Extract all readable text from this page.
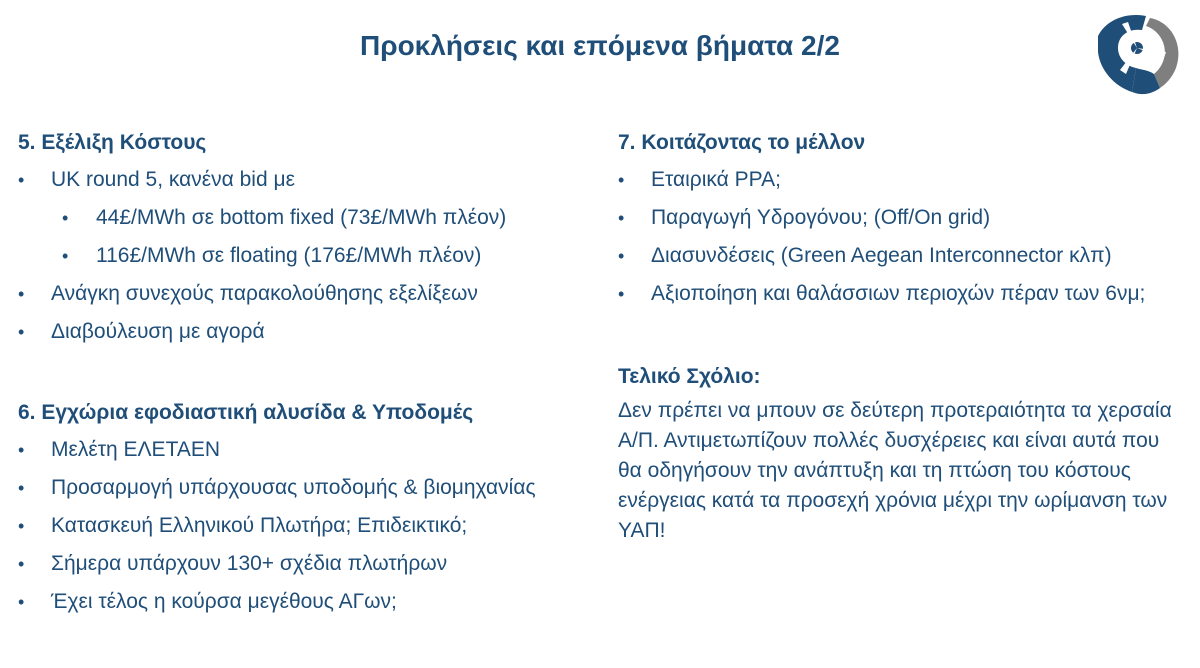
Προκλήσεις και επόμενα βήματα 2/2
5. Εξέλιξη Κόστους
•	UK round 5, κανένα bid με
•	44£/MWh σε bottom fixed (73£/MWh πλέον)
•	116£/MWh σε floating (176£/MWh πλέον)
•	Ανάγκη συνεχούς παρακολούθησης εξελίξεων
•	Διαβούλευση με αγορά
6. Εγχώρια εφοδιαστική αλυσίδα & Υποδομές
•	Μελέτη ΕΛΕΤΑΕΝ
•	Προσαρμογή υπάρχουσας υποδομής & βιομηχανίας
•	Κατασκευή Ελληνικού Πλωτήρα; Επιδεικτικό;
•	Σήμερα υπάρχουν 130+ σχέδια πλωτήρων
•	Έχει τέλος η κούρσα μεγέθους ΑΓων;
7. Κοιτάζοντας το μέλλον
•	Εταιρικά PPA;
•	Παραγωγή Υδρογόνου; (Off/On grid)
•	Διασυνδέσεις (Green Aegean Interconnector κλπ)
•	Αξιοποίηση και θαλάσσιων περιοχών πέραν των 6νμ;
Τελικό Σχόλιο:

Δεν πρέπει να μπουν σε δεύτερη προτεραιότητα τα χερσαία Α/Π. Αντιμετωπίζουν πολλές δυσχέρειες και είναι αυτά που θα οδηγήσουν την ανάπτυξη και τη πτώση του κόστους ενέργειας κατά τα προσεχή χρόνια μέχρι την ωρίμανση των ΥΑΠ!
